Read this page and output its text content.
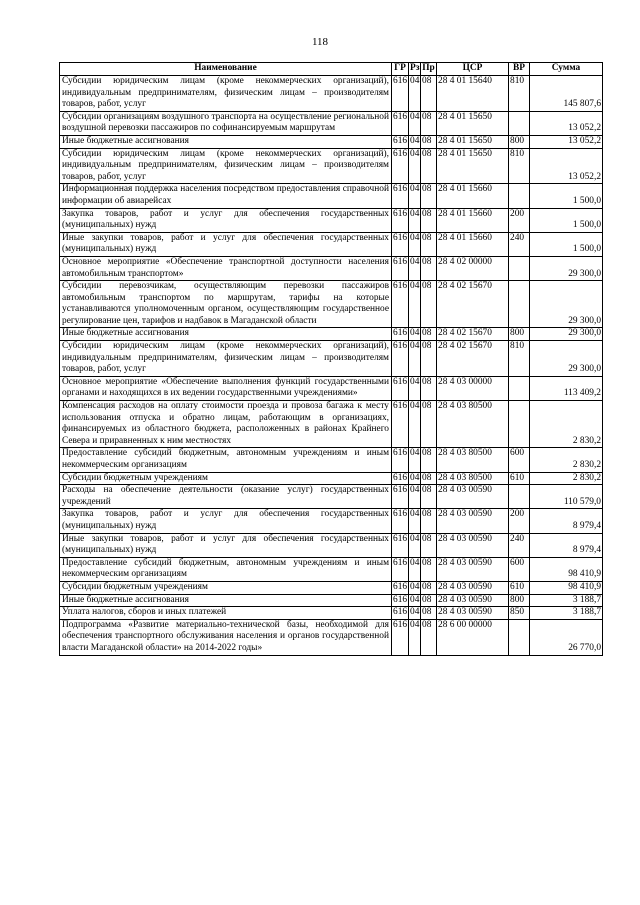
118
Наименование	ГР	Рз	Пр	ЦСР	ВР	Сумма
Субсидии юридическим лицам (кроме некоммерческих организаций), индивидуальным предпринимателям, физическим лицам – производителям товаров, работ, услуг	616	04	08	28 4 01 15640	810	145 807,6
Субсидии организациям воздушного транспорта на осуществление региональной воздушной перевозки пассажиров по софинансируемым маршрутам	616	04	08	28 4 01 15650		13 052,2
Иные бюджетные ассигнования	616	04	08	28 4 01 15650	800	13 052,2
Субсидии юридическим лицам (кроме некоммерческих организаций), индивидуальным предпринимателям, физическим лицам – производителям товаров, работ, услуг	616	04	08	28 4 01 15650	810	13 052,2
Информационная поддержка населения посредством предоставления справочной информации об авиарейсах	616	04	08	28 4 01 15660		1 500,0
Закупка товаров, работ и услуг для обеспечения государственных (муниципальных) нужд	616	04	08	28 4 01 15660	200	1 500,0
Иные закупки товаров, работ и услуг для обеспечения государственных (муниципальных) нужд	616	04	08	28 4 01 15660	240	1 500,0
Основное мероприятие «Обеспечение транспортной доступности населения автомобильным транспортом»	616	04	08	28 4 02 00000		29 300,0
Субсидии перевозчикам, осуществляющим перевозки пассажиров автомобильным транспортом по маршрутам, тарифы на которые устанавливаются уполномоченным органом, осуществляющим государственное регулирование цен, тарифов и надбавок в Магаданской области	616	04	08	28 4 02 15670		29 300,0
Иные бюджетные ассигнования	616	04	08	28 4 02 15670	800	29 300,0
Субсидии юридическим лицам (кроме некоммерческих организаций), индивидуальным предпринимателям, физическим лицам – производителям товаров, работ, услуг	616	04	08	28 4 02 15670	810	29 300,0
Основное мероприятие «Обеспечение выполнения функций государственными органами и находящихся в их ведении государственными учреждениями»	616	04	08	28 4 03 00000		113 409,2
Компенсация расходов на оплату стоимости проезда и провоза багажа к месту использования отпуска и обратно лицам, работающим в организациях, финансируемых из областного бюджета, расположенных в районах Крайнего Севера и приравненных к ним местностях	616	04	08	28 4 03 80500		2 830,2
Предоставление субсидий бюджетным, автономным учреждениям и иным некоммерческим организациям	616	04	08	28 4 03 80500	600	2 830,2
Субсидии бюджетным учреждениям	616	04	08	28 4 03 80500	610	2 830,2
Расходы на обеспечение деятельности (оказание услуг) государственных учреждений	616	04	08	28 4 03 00590		110 579,0
Закупка товаров, работ и услуг для обеспечения государственных (муниципальных) нужд	616	04	08	28 4 03 00590	200	8 979,4
Иные закупки товаров, работ и услуг для обеспечения государственных (муниципальных) нужд	616	04	08	28 4 03 00590	240	8 979,4
Предоставление субсидий бюджетным, автономным учреждениям и иным некоммерческим организациям	616	04	08	28 4 03 00590	600	98 410,9
Субсидии бюджетным учреждениям	616	04	08	28 4 03 00590	610	98 410,9
Иные бюджетные ассигнования	616	04	08	28 4 03 00590	800	3 188,7
Уплата налогов, сборов и иных платежей	616	04	08	28 4 03 00590	850	3 188,7
Подпрограмма «Развитие материально-технической базы, необходимой для обеспечения транспортного обслуживания населения и органов государственной власти Магаданской области» на 2014-2022 годы»	616	04	08	28 6 00 00000		26 770,0
